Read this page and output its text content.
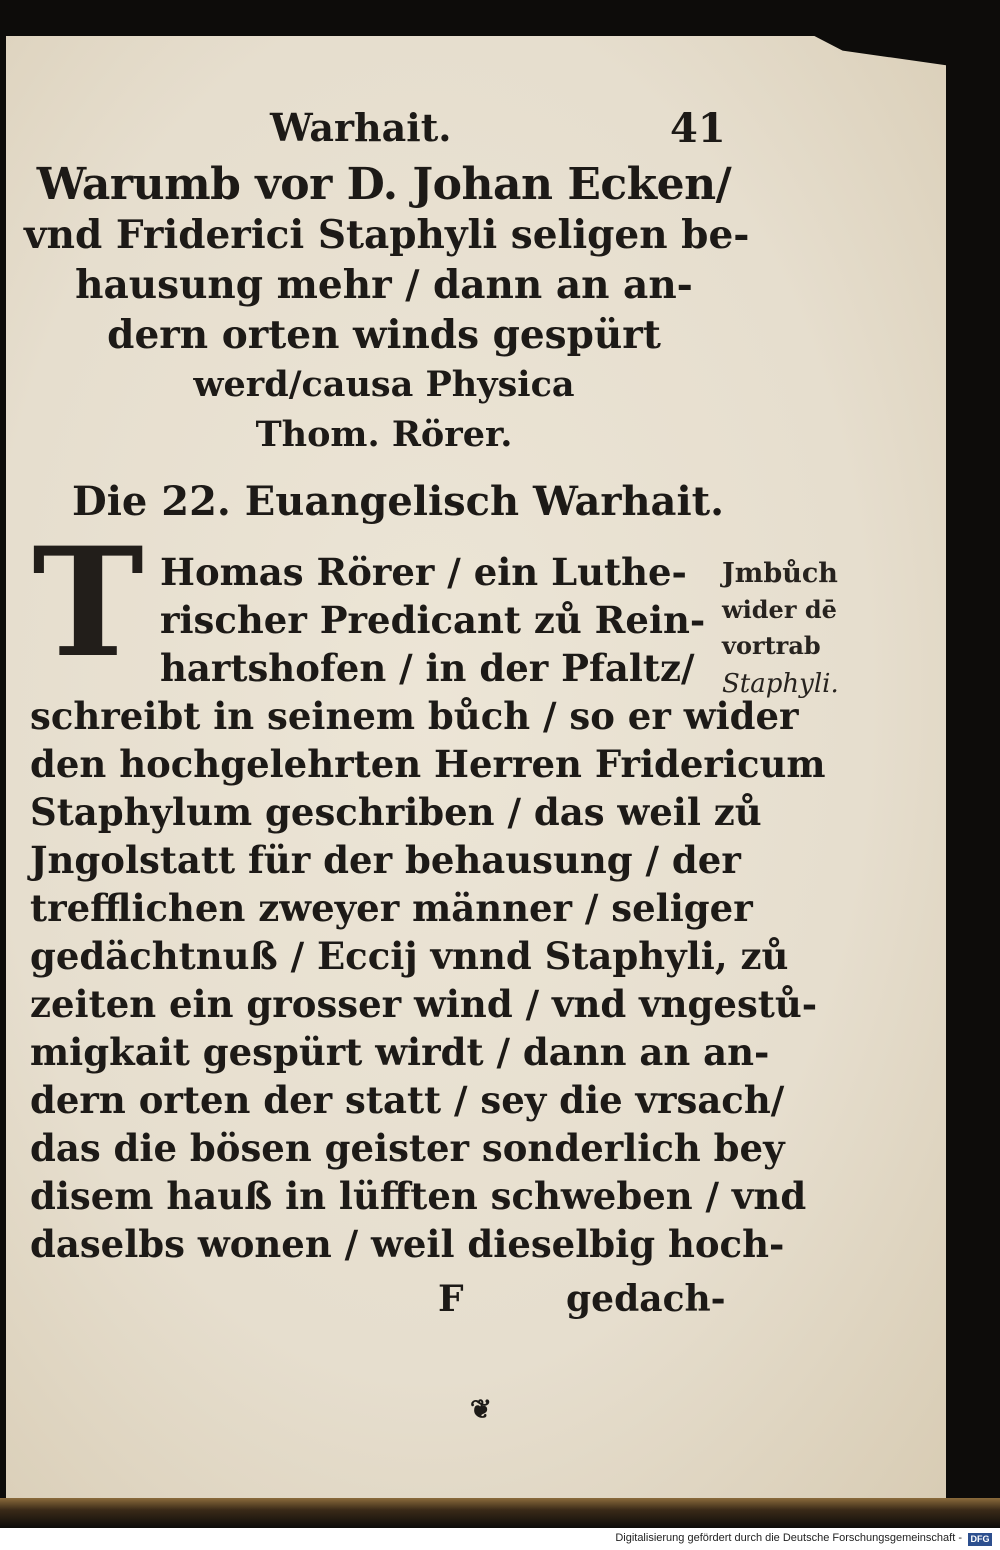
Warhait.	41
Warumb vor D. Johan Ecken/
vnd Friderici Staphyli seligen be-
hausung mehr / dann an an-
dern orten winds gespürt
werd/causa Physica
Thom. Rörer.
Die 22. Euangelisch Warhait.
T Homas Rörer / ein Luthe-
rischer Predicant zů Rein-
hartshofen / in der Pfaltz/
schreibt in seinem bůch / so er wider
den hochgelehrten Herren Fridericum
Staphylum geschriben / das weil zů
Jngolstatt für der behausung / der
trefflichen zweyer männer / seliger
gedächtnuß / Eccij vnnd Staphyli, zů
zeiten ein grosser wind / vnd vngestů-
migkait gespürt wirdt / dann an an-
dern orten der statt / sey die vrsach/
das die bösen geister sonderlich bey
disem hauß in lüfften schweben / vnd
daselbs wonen / weil dieselbig hoch-
Jmbůch
wider dē
vortrab
Staphyli.
F	gedach-
❦
Digitalisierung gefördert durch die Deutsche Forschungsgemeinschaft - DFG
